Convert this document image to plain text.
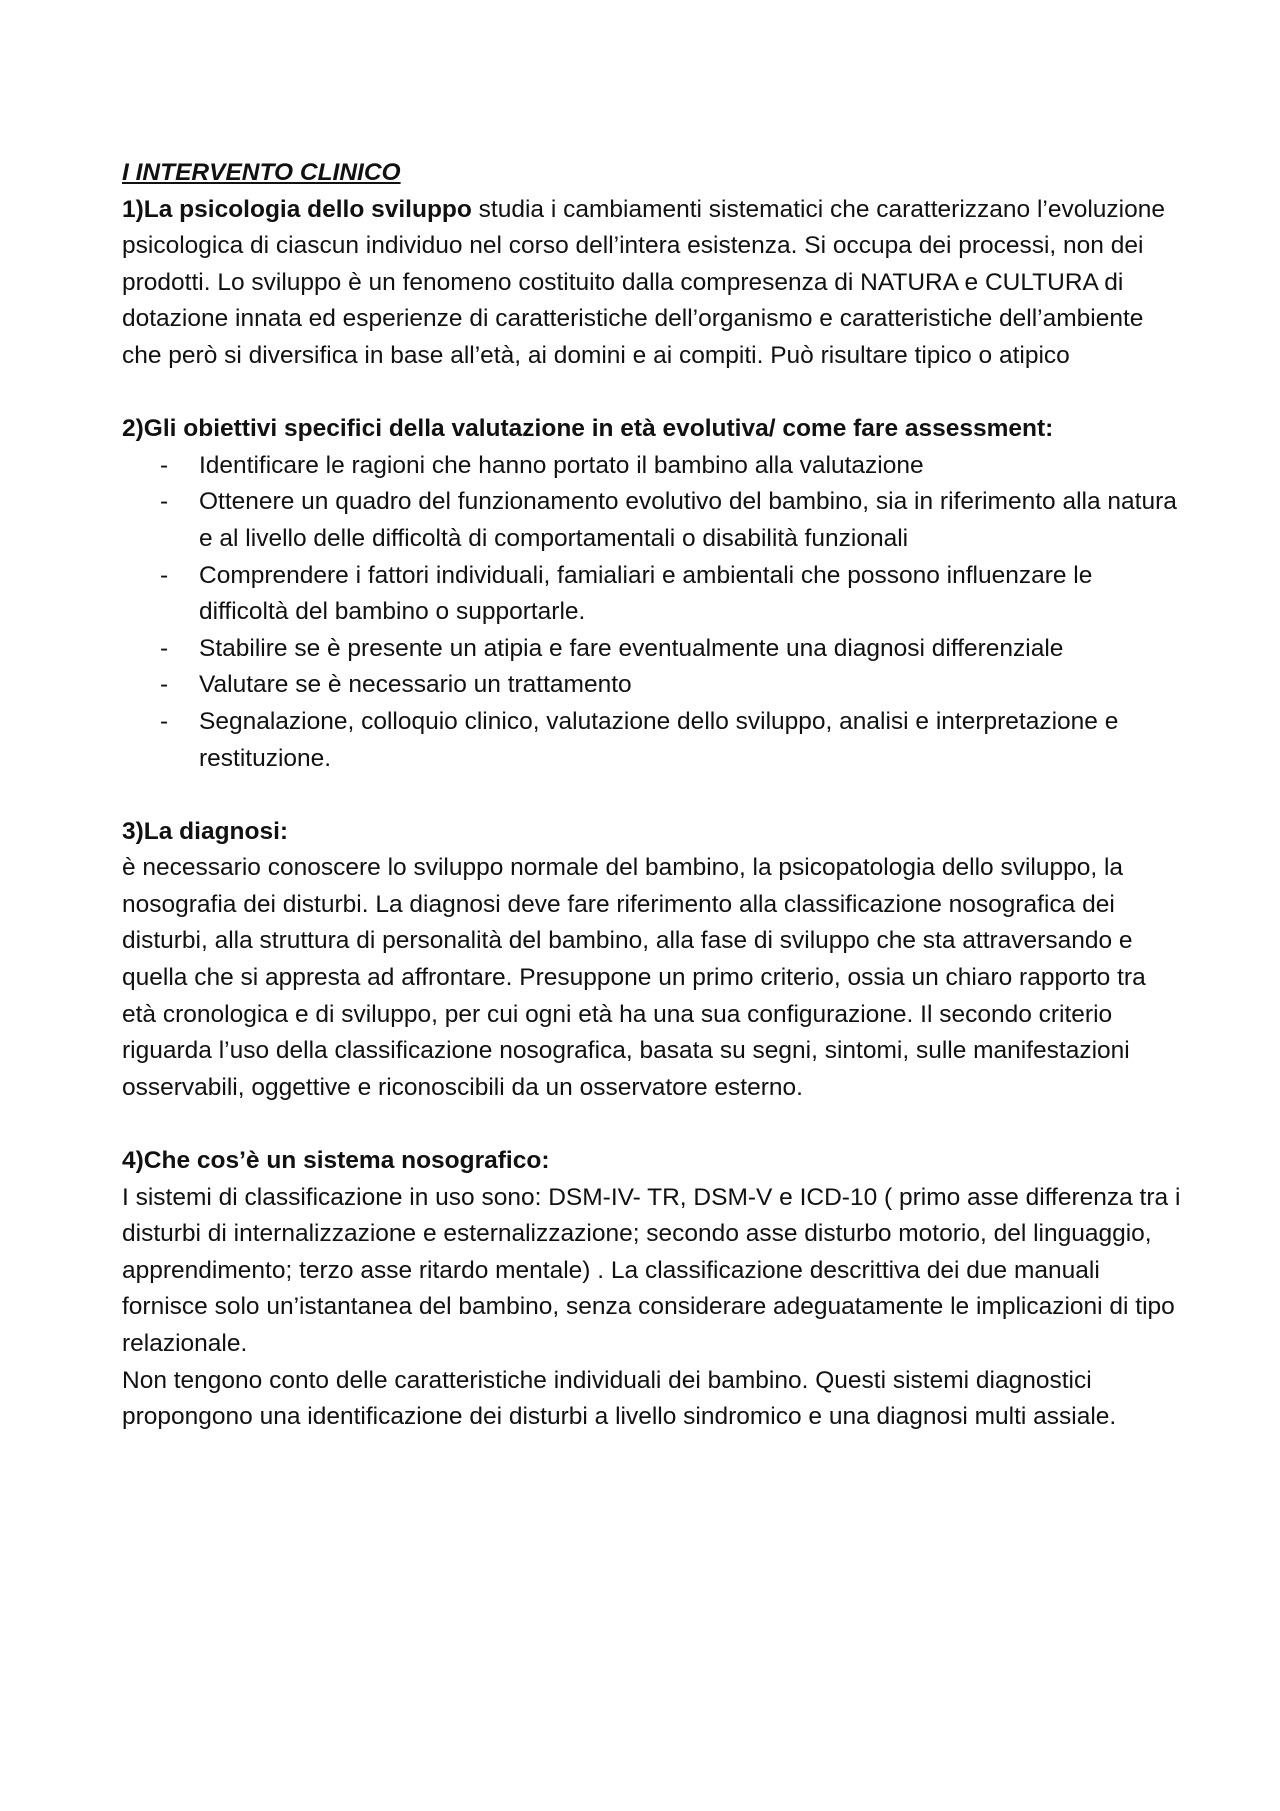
I INTERVENTO CLINICO

1)La psicologia dello sviluppo studia i cambiamenti sistematici che caratterizzano l’evoluzione psicologica di ciascun individuo nel corso dell’intera esistenza. Si occupa dei processi, non dei prodotti. Lo sviluppo è un fenomeno costituito dalla compresenza di NATURA e CULTURA di dotazione innata ed esperienze di caratteristiche dell’organismo e caratteristiche dell’ambiente che però si diversifica in base all’età, ai domini e ai compiti. Può risultare tipico o atipico

2)Gli obiettivi specifici della valutazione in età evolutiva/ come fare assessment:

- Identificare le ragioni che hanno portato il bambino alla valutazione
- Ottenere un quadro del funzionamento evolutivo del bambino, sia in riferimento alla natura e al livello delle difficoltà di comportamentali o disabilità funzionali
- Comprendere i fattori individuali, famialiari e ambientali che possono influenzare le difficoltà del bambino o supportarle.
- Stabilire se è presente un atipia e fare eventualmente una diagnosi differenziale
- Valutare se è necessario un trattamento
- Segnalazione, colloquio clinico, valutazione dello sviluppo, analisi e interpretazione e restituzione.

3)La diagnosi:

è necessario conoscere lo sviluppo normale del bambino, la psicopatologia dello sviluppo, la nosografia dei disturbi. La diagnosi deve fare riferimento alla classificazione nosografica dei disturbi, alla struttura di personalità del bambino, alla fase di sviluppo che sta attraversando e quella che si appresta ad affrontare. Presuppone un primo criterio, ossia un chiaro rapporto tra età cronologica e di sviluppo, per cui ogni età ha una sua configurazione. Il secondo criterio riguarda l’uso della classificazione nosografica, basata su segni, sintomi, sulle manifestazioni osservabili, oggettive e riconoscibili da un osservatore esterno.

4)Che cos’è un sistema nosografico:

I sistemi di classificazione in uso sono: DSM-IV- TR, DSM-V e ICD-10 ( primo asse differenza tra i disturbi di internalizzazione e esternalizzazione; secondo asse disturbo motorio, del linguaggio, apprendimento; terzo asse ritardo mentale) . La classificazione descrittiva dei due manuali fornisce solo un’istantanea del bambino, senza considerare adeguatamente le implicazioni di tipo relazionale.

Non tengono conto delle caratteristiche individuali dei bambino. Questi sistemi diagnostici propongono una identificazione dei disturbi a livello sindromico e una diagnosi multi assiale.
